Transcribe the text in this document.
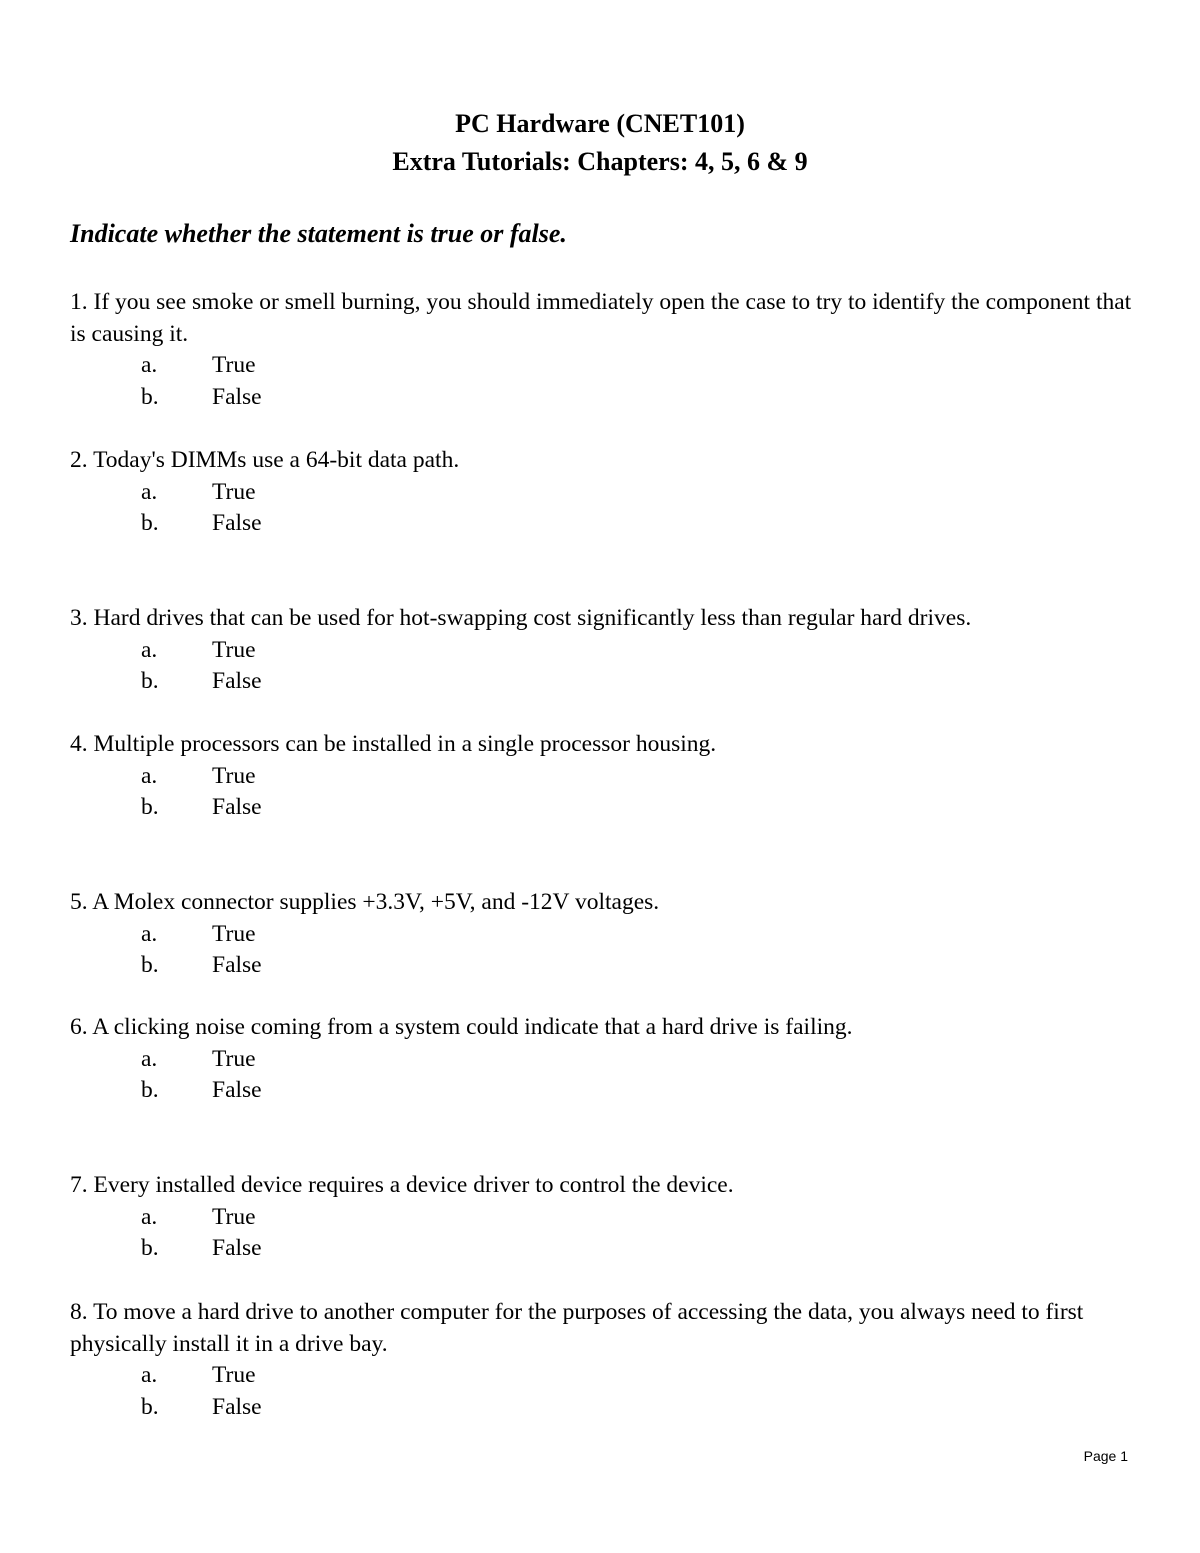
PC Hardware (CNET101)
Extra Tutorials: Chapters: 4, 5, 6 & 9
Indicate whether the statement is true or false.

1. If you see smoke or smell burning, you should immediately open the case to try to identify the component that is causing it.

a. True
b. False

2. Today's DIMMs use a 64-bit data path.

a. True
b. False

3. Hard drives that can be used for hot-swapping cost significantly less than regular hard drives.

a. True
b. False

4. Multiple processors can be installed in a single processor housing.

a. True
b. False

5. A Molex connector supplies +3.3V, +5V, and -12V voltages.

a. True
b. False

6. A clicking noise coming from a system could indicate that a hard drive is failing.

a. True
b. False

7. Every installed device requires a device driver to control the device.

a. True
b. False

8. To move a hard drive to another computer for the purposes of accessing the data, you always need to first physically install it in a drive bay.

a. True
b. False
Page 1
